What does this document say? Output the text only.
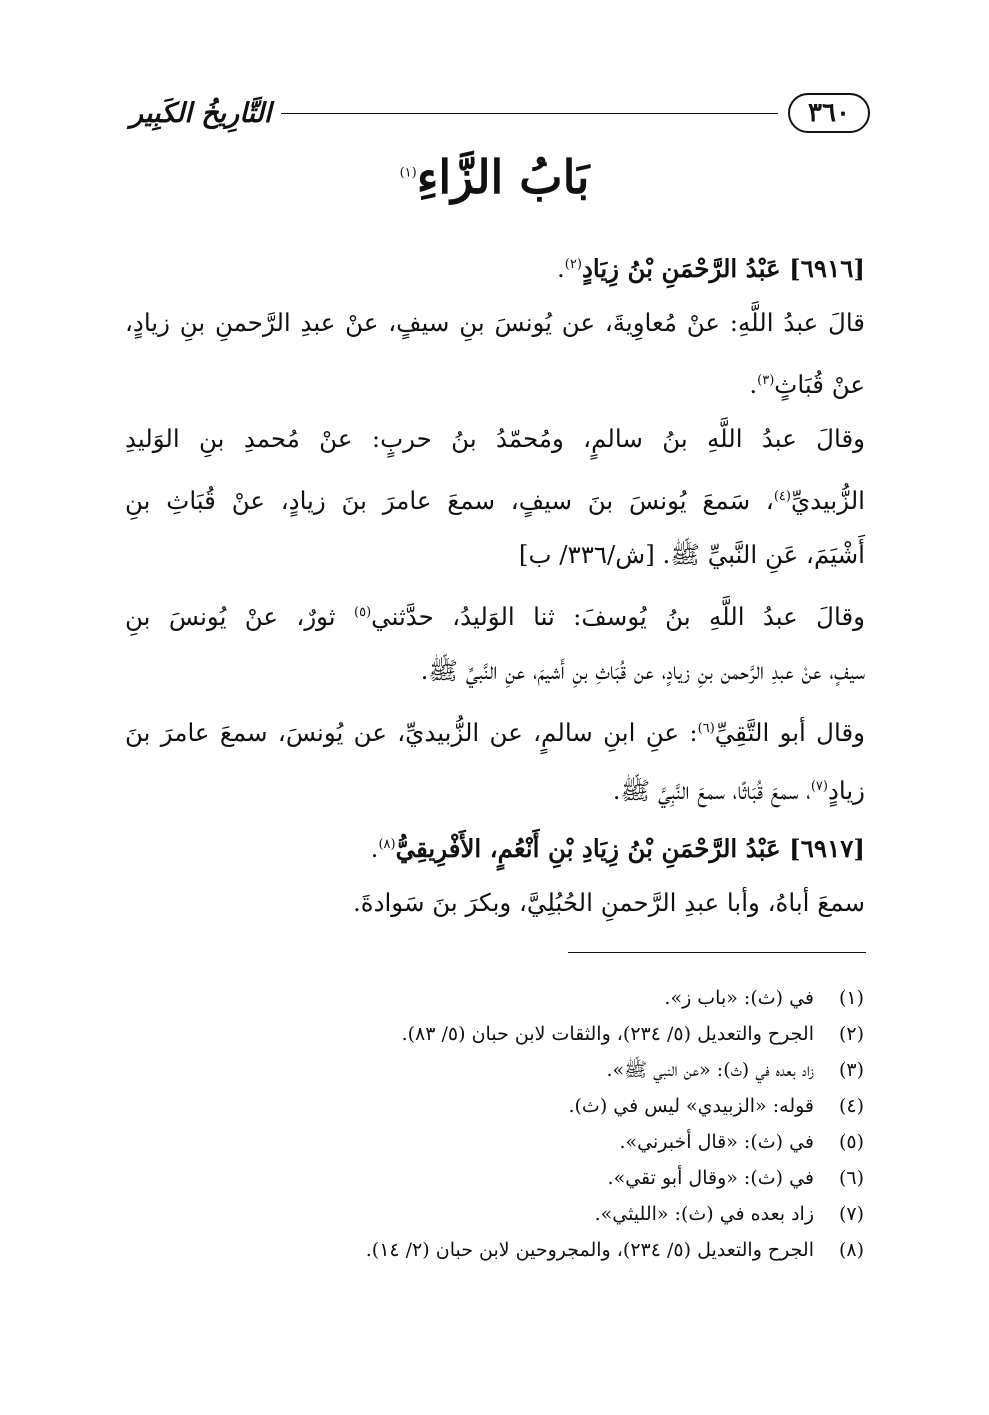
٣٦٠
التَّارِيخُ الكَبِير
بَابُ الزَّاءِ$^{(١)}$
[٦٩١٦] عَبْدُ الرَّحْمَنِ بْنُ زِيَادٍ$^{(٢)}$.
قالَ عبدُ اللَّهِ: عنْ مُعاوِيةَ، عن يُونسَ بنِ سيفٍ، عنْ عبدِ الرَّحمنِ بنِ زيادٍ،
عنْ قُبَاثٍ$^{(٣)}$.
وقالَ عبدُ اللَّهِ بنُ سالمٍ، ومُحمّدُ بنُ حربٍ: عنْ مُحمدِ بنِ الوَليدِ
الزُّبيديِّ$^{(٤)}$، سَمعَ يُونسَ بنَ سيفٍ، سمعَ عامرَ بنَ زيادٍ، عنْ قُبَاثِ بنِ
أَشْيَمَ، عَنِ النَّبيِّ ﷺ. [ش/٣٣٦/ ب]
وقالَ عبدُ اللَّهِ بنُ يُوسفَ: ثنا الوَليدُ، حدَّثني$^{(٥)}$ ثورٌ، عنْ يُونسَ بنِ
سيفٍ، عنْ عبدِ الرَّحمن بنِ زيادٍ، عن قُبَاثِ بنِ أَشيمَ، عنِ النَّبيِّ ﷺ.
وقال أبو التَّقِيِّ$^{(٦)}$: عنِ ابنِ سالمٍ، عن الزُّبيديِّ، عن يُونسَ، سمعَ عامرَ بنَ
زيادٍ$^{(٧)}$، سمعَ قُبَاثًا، سمعَ النَّبِيَّ ﷺ.
[٦٩١٧] عَبْدُ الرَّحْمَنِ بْنُ زِيَادِ بْنِ أَنْعُمٍ، الأَفْرِيقِيُّ$^{(٨)}$.
سمعَ أباهُ، وأبا عبدِ الرَّحمنِ الحُبُلِيَّ، وبكرَ بنَ سَوادةَ.
(١)
في (ث): «باب ز».
(٢)
الجرح والتعديل (٥/ ٢٣٤)، والثقات لابن حبان (٥/ ٨٣).
(٣)
زاد بعده في (ث): «عن النبي ﷺ».
(٤)
قوله: «الزبيدي» ليس في (ث).
(٥)
في (ث): «قال أخبرني».
(٦)
في (ث): «وقال أبو تقي».
(٧)
زاد بعده في (ث): «الليثي».
(٨)
الجرح والتعديل (٥/ ٢٣٤)، والمجروحين لابن حبان (٢/ ١٤).
